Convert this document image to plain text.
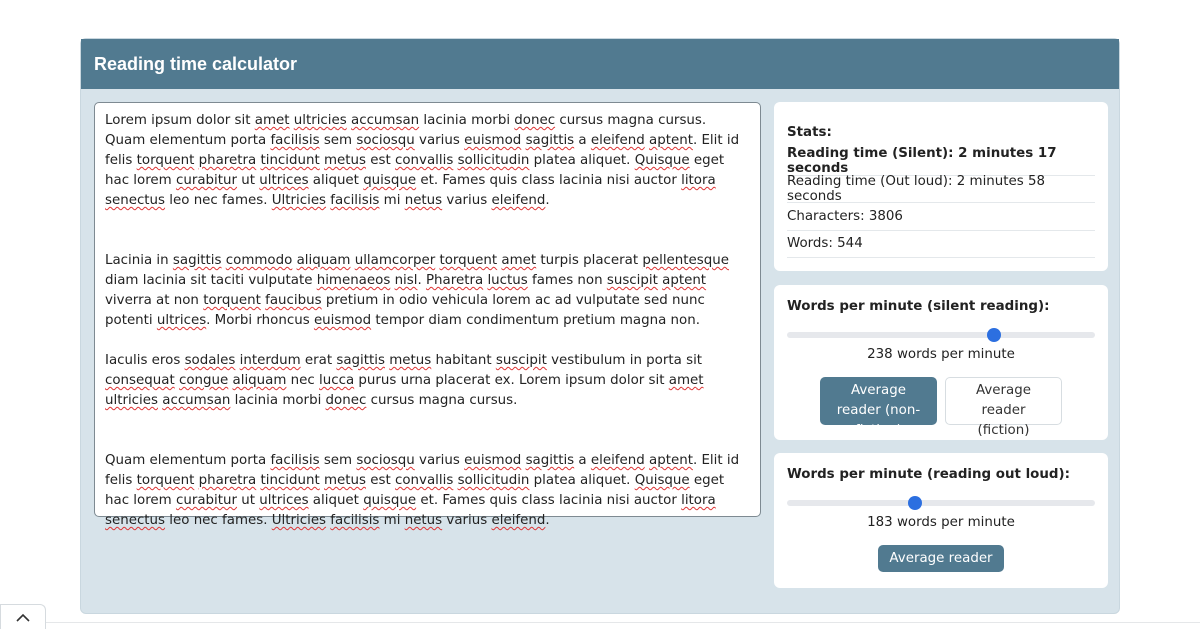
Reading time calculator

Lorem ipsum dolor sit amet ultricies accumsan lacinia morbi donec cursus magna cursus. Quam elementum porta facilisis sem sociosqu varius euismod sagittis a eleifend aptent. Elit id felis torquent pharetra tincidunt metus est convallis sollicitudin platea aliquet. Quisque eget hac lorem curabitur ut ultrices aliquet quisque et. Fames quis class lacinia nisi auctor litora senectus leo nec fames. Ultricies facilisis mi netus varius eleifend.

Lacinia in sagittis commodo aliquam ullamcorper torquent amet turpis placerat pellentesque diam lacinia sit taciti vulputate himenaeos nisl. Pharetra luctus fames non suscipit aptent viverra at non torquent faucibus pretium in odio vehicula lorem ac ad vulputate sed nunc potenti ultrices. Morbi rhoncus euismod tempor diam condimentum pretium magna non.

Iaculis eros sodales interdum erat sagittis metus habitant suscipit vestibulum in porta sit consequat congue aliquam nec lucca purus urna placerat ex. Lorem ipsum dolor sit amet ultricies accumsan lacinia morbi donec cursus magna cursus.

Quam elementum porta facilisis sem sociosqu varius euismod sagittis a eleifend aptent. Elit id felis torquent pharetra tincidunt metus est convallis sollicitudin platea aliquet. Quisque eget hac lorem curabitur ut ultrices aliquet quisque et. Fames quis class lacinia nisi auctor litora senectus leo nec fames. Ultricies facilisis mi netus varius eleifend.

Stats:
Reading time (Silent): 2 minutes 17 seconds
Reading time (Out loud): 2 minutes 58 seconds
Characters: 3806
Words: 544
Words per minute (silent reading):
238 words per minute
Average reader (non-fiction)
Average reader (fiction)
Words per minute (reading out loud):
183 words per minute
Average reader
